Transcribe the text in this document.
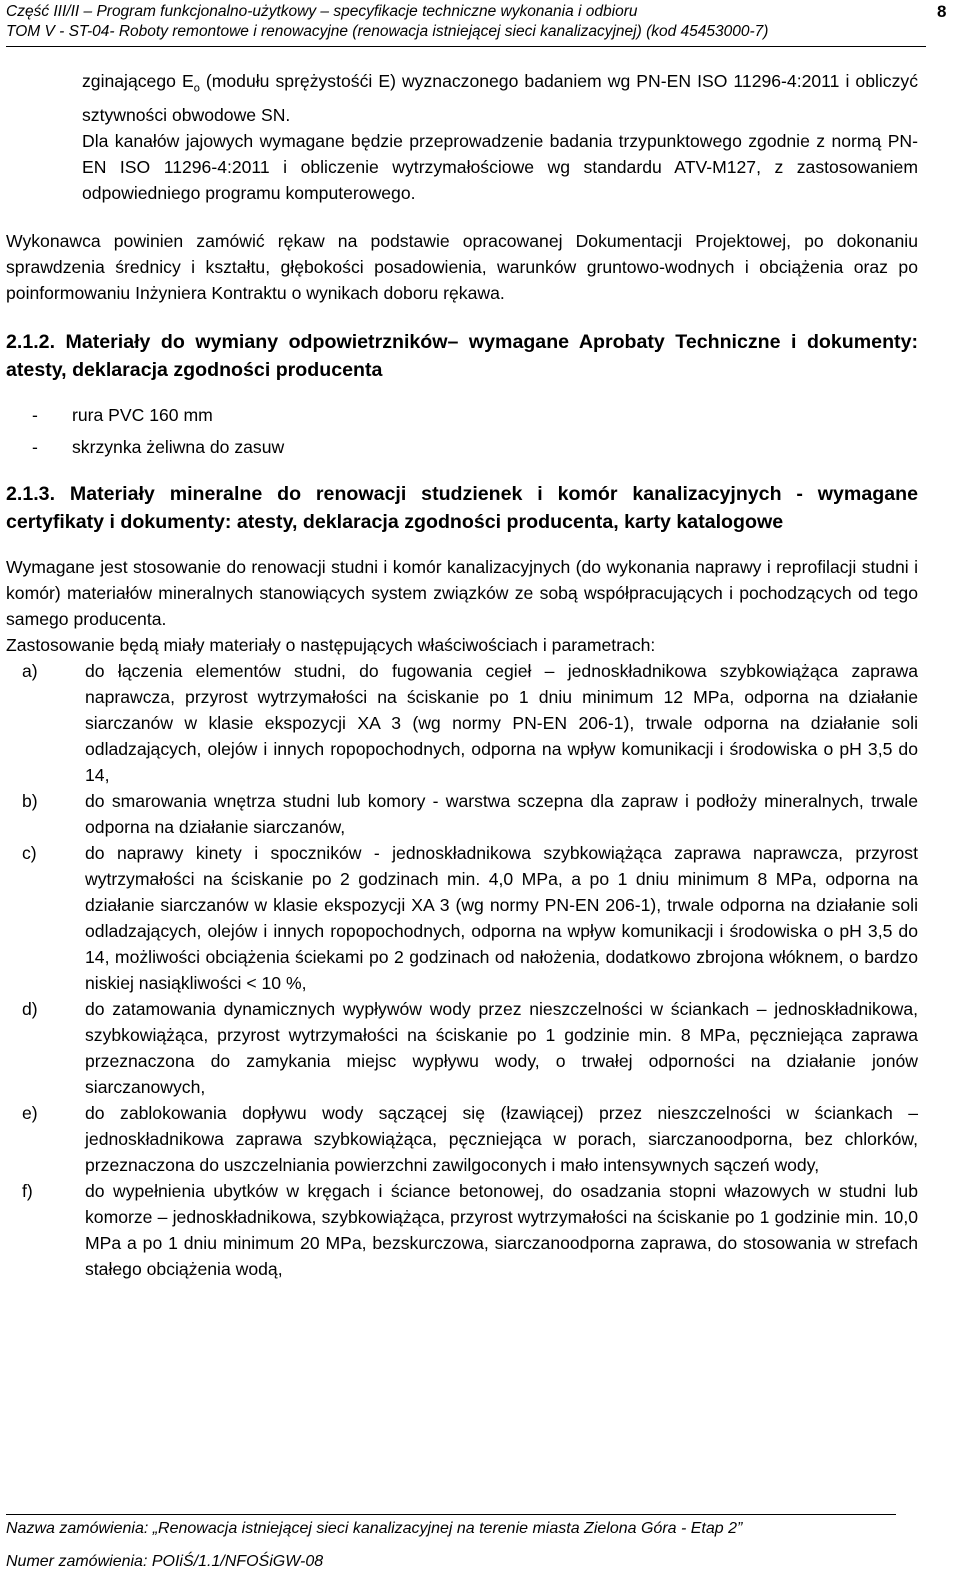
Część III/II – Program funkcjonalno-użytkowy – specyfikacje techniczne wykonania i odbioru
TOM V - ST-04- Roboty remontowe i renowacyjne (renowacja istniejącej sieci kanalizacyjnej) (kod 45453000-7)
8

zginającego $E_o$ (modułu sprężystośći E) wyznaczonego badaniem wg PN-EN ISO 11296-4:2011 i obliczyć sztywności obwodowe SN.

Dla kanałów jajowych wymagane będzie przeprowadzenie badania trzypunktowego zgodnie z normą PN-EN ISO 11296-4:2011 i obliczenie wytrzymałościowe wg standardu ATV-M127, z zastosowaniem odpowiedniego programu komputerowego.

Wykonawca powinien zamówić rękaw na podstawie opracowanej Dokumentacji Projektowej, po dokonaniu sprawdzenia średnicy i kształtu, głębokości posadowienia, warunków gruntowo-wodnych i obciążenia oraz po poinformowaniu Inżyniera Kontraktu o wynikach doboru rękawa.

2.1.2. Materiały do wymiany odpowietrzników– wymagane Aprobaty Techniczne i dokumenty: atesty, deklaracja zgodności producenta

-	rura PVC 160 mm
-	skrzynka żeliwna do zasuw

2.1.3. Materiały mineralne do renowacji studzienek i komór kanalizacyjnych - wymagane certyfikaty i dokumenty: atesty, deklaracja zgodności producenta, karty katalogowe

Wymagane jest stosowanie do renowacji studni i komór kanalizacyjnych (do wykonania naprawy i reprofilacji studni i komór) materiałów mineralnych stanowiących system związków ze sobą współpracujących i pochodzących od tego samego producenta.

Zastosowanie będą miały materiały o następujących właściwościach i parametrach:

a)	do łączenia elementów studni, do fugowania cegieł – jednoskładnikowa szybkowiążąca zaprawa naprawcza, przyrost wytrzymałości na ściskanie po 1 dniu minimum 12 MPa, odporna na działanie siarczanów w klasie ekspozycji XA 3 (wg normy PN-EN 206-1), trwale odporna na działanie soli odladzających, olejów i innych ropopochodnych, odporna na wpływ komunikacji i środowiska o pH 3,5 do 14,
b)	do smarowania wnętrza studni lub komory - warstwa sczepna dla zapraw i podłoży mineralnych, trwale odporna na działanie siarczanów,
c)	do naprawy kinety i spoczników - jednoskładnikowa szybkowiążąca zaprawa naprawcza, przyrost wytrzymałości na ściskanie po 2 godzinach min. 4,0 MPa, a po 1 dniu minimum 8 MPa, odporna na działanie siarczanów w klasie ekspozycji XA 3 (wg normy PN-EN 206-1), trwale odporna na działanie soli odladzających, olejów i innych ropopochodnych, odporna na wpływ komunikacji i środowiska o pH 3,5 do 14, możliwości obciążenia ściekami po 2 godzinach od nałożenia, dodatkowo zbrojona włóknem, o bardzo niskiej nasiąkliwości < 10 %,
d)	do zatamowania dynamicznych wypływów wody przez nieszczelności w ściankach – jednoskładnikowa, szybkowiążąca, przyrost wytrzymałości na ściskanie po 1 godzinie min. 8 MPa, pęczniejąca zaprawa przeznaczona do zamykania miejsc wypływu wody, o trwałej odporności na działanie jonów siarczanowych,
e)	do zablokowania dopływu wody sączącej się (łzawiącej) przez nieszczelności w ściankach – jednoskładnikowa zaprawa szybkowiążąca, pęczniejąca w porach, siarczanoodporna, bez chlorków, przeznaczona do uszczelniania powierzchni zawilgoconych i mało intensywnych sączeń wody,
f)	do wypełnienia ubytków w kręgach i ściance betonowej, do osadzania stopni włazowych w studni lub komorze – jednoskładnikowa, szybkowiążąca, przyrost wytrzymałości na ściskanie po 1 godzinie min. 10,0 MPa a po 1 dniu minimum 20 MPa, bezskurczowa, siarczanoodporna zaprawa, do stosowania w strefach stałego obciążenia wodą,
Nazwa zamówienia: „Renowacja istniejącej sieci kanalizacyjnej na terenie miasta Zielona Góra - Etap 2”
Numer zamówienia: POIiŚ/1.1/NFOŚiGW-08
